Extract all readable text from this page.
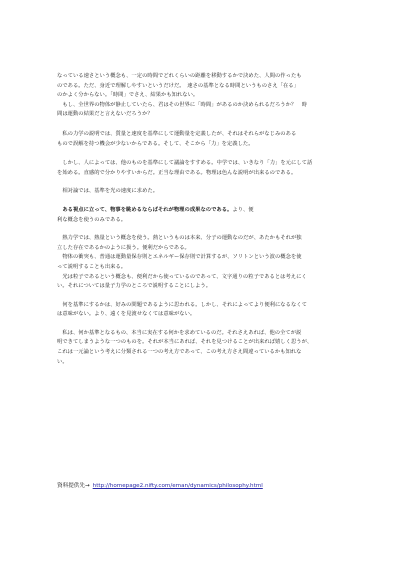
なっている速さという概念も、一定の時間でどれくらいの距離を移動するかで決めた、人間の作ったも
のである。ただ、身近で理解しやすいというだけだ。　速さの基準となる時間というものさえ「在る」
のかよく分からない。「時間」でさえ、結果かも知れない。
　もし、全世界の物体が静止していたら、君はその世界に「時間」があるのか決められるだろうか？　時
間は運動の結果だと言えないだろうか？
　私の力学の説明では、質量と速度を基準にして運動量を定義したが、それはそれらがなじみのある
もので誤解を持つ機会が少ないからである。そして、そこから「力」を定義した。
　しかし、人によっては、他のものを基準にして議論をすすめる。中学では、いきなり「力」を元にして話
を始める。直感的で分かりやすいからだ。正当な理由である。物理は色んな説明が出来るのである。
　相対論では、基準を光の速度に求めた。
　ある視点に立って、物事を眺めるならばそれが物理の成果なのである。より、便
利な概念を使うのみである。
　熱力学では、熱量という概念を使う。熱というものは本来、分子の運動なのだが、あたかもそれが独
立した存在であるかのように扱う。便利だからである。
　物体の衝突も、普通は運動量保存則とエネルギー保存則で計算するが、ソリトンという波の概念を使
って説明することも出来る。
　光は粒子であるという概念も、便利だから使っているのであって、文字通りの粒子であるとは考えにく
い。それについては量子力学のところで説明することにしよう。
　何を基準にするかは、好みの問題であるように思われる。しかし、それによってより便利になるなくて
は意味がない。より、遠くを見渡せなくては意味がない。
　私は、何か基準となるもの、本当に実在する何かを求めているのだ。それさえあれば、他の全てが説
明できてしまうような一つのものを。それが本当にあれば、それを見つけることが出来れば嬉しく思うが、
これは一元論という考えに分類される一つの考え方であって、この考え方さえ間違っているかも知れな
い。
資料提供先→ http://homepage2.nifty.com/eman/dynamics/philosophy.html
